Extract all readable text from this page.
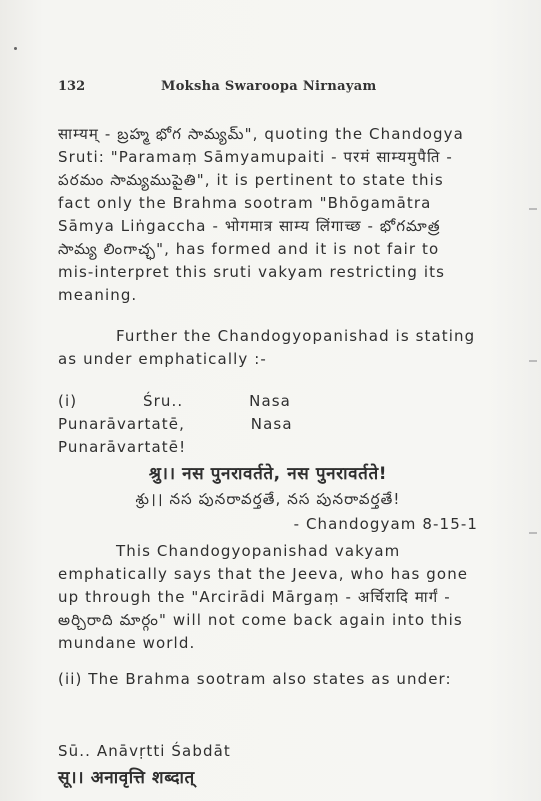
132	Moksha Swaroopa Nirnayam
साम्यम् - బ్రహ్మ భోగ సామ్యమ్", quoting the Chandogya Sruti: "Paramaṃ Sāmyamupaiti - परमं साम्यमुपैति - పరమం సామ్యముపైతి", it is pertinent to state this fact only the Brahma sootram "Bhōgamātra Sāmya Liṅgaccha - भोगमात्र साम्य लिंगाच्छ - భోగమాత్ర సామ్య లింగాచ్ఛ", has formed and it is not fair to mis-interpret this sruti vakyam restricting its meaning.
Further the Chandogyopanishad is stating as under emphatically :-
(i)	Śru.. Nasa Punarāvartatē, Nasa
Punarāvartatē!
श्रु।। नस पुनरावर्तते, नस पुनरावर्तते!
శ్రు।। నస పునరావర్తతే, నస పునరావర్తతే!
- Chandogyam 8-15-1
This Chandogyopanishad vakyam emphatically says that the Jeeva, who has gone up through the "Arcirādi Mārgaṃ - अर्चिरादि मार्गं - అర్చిరాది మార్గం" will not come back again into this mundane world.
(ii) The Brahma sootram also states as under:
Sū.. Anāvṛtti Śabdāt
सू।। अनावृत्ति शब्दात्
